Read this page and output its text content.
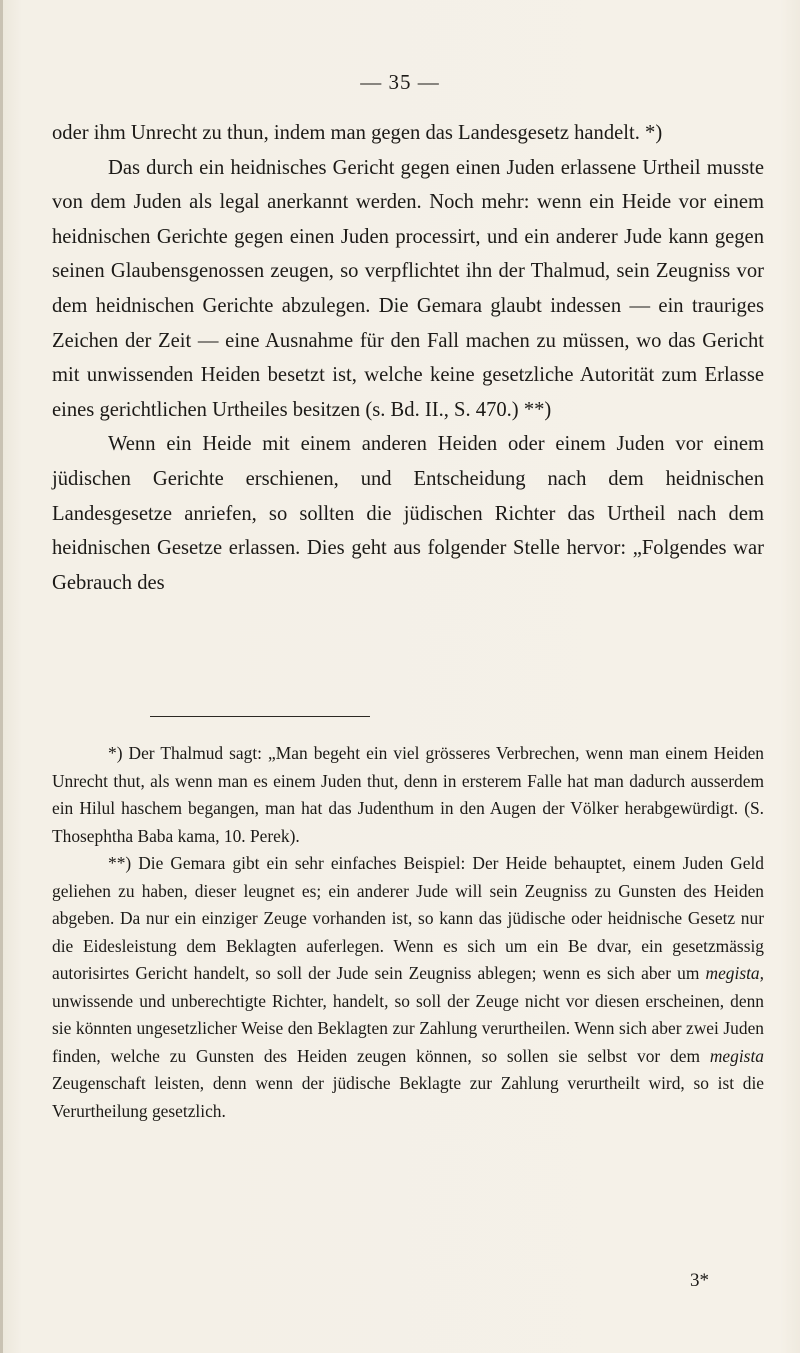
— 35 —

oder ihm Unrecht zu thun, indem man gegen das Landesgesetz handelt. *)

Das durch ein heidnisches Gericht gegen einen Juden erlassene Urtheil musste von dem Juden als legal anerkannt werden. Noch mehr: wenn ein Heide vor einem heidnischen Gerichte gegen einen Juden processirt, und ein anderer Jude kann gegen seinen Glaubensgenossen zeugen, so verpflichtet ihn der Thalmud, sein Zeugniss vor dem heidnischen Gerichte abzulegen. Die Gemara glaubt indessen — ein trauriges Zeichen der Zeit — eine Ausnahme für den Fall machen zu müssen, wo das Gericht mit unwissenden Heiden besetzt ist, welche keine gesetzliche Autorität zum Erlasse eines gerichtlichen Urtheiles besitzen (s. Bd. II., S. 470.) **)

Wenn ein Heide mit einem anderen Heiden oder einem Juden vor einem jüdischen Gerichte erschienen, und Entscheidung nach dem heidnischen Landesgesetze anriefen, so sollten die jüdischen Richter das Urtheil nach dem heidnischen Gesetze erlassen. Dies geht aus folgender Stelle hervor: „Folgendes war Gebrauch des

*) Der Thalmud sagt: „Man begeht ein viel grösseres Verbrechen, wenn man einem Heiden Unrecht thut, als wenn man es einem Juden thut, denn in ersterem Falle hat man dadurch ausserdem ein Hilul haschem begangen, man hat das Judenthum in den Augen der Völker herabgewürdigt. (S. Thosephtha Baba kama, 10. Perek).

**) Die Gemara gibt ein sehr einfaches Beispiel: Der Heide behauptet, einem Juden Geld geliehen zu haben, dieser leugnet es; ein anderer Jude will sein Zeugniss zu Gunsten des Heiden abgeben. Da nur ein einziger Zeuge vorhanden ist, so kann das jüdische oder heidnische Gesetz nur die Eidesleistung dem Beklagten auferlegen. Wenn es sich um ein Be dvar, ein gesetzmässig autorisirtes Gericht handelt, so soll der Jude sein Zeugniss ablegen; wenn es sich aber um megista, unwissende und unberechtigte Richter, handelt, so soll der Zeuge nicht vor diesen erscheinen, denn sie könnten ungesetzlicher Weise den Beklagten zur Zahlung verurtheilen. Wenn sich aber zwei Juden finden, welche zu Gunsten des Heiden zeugen können, so sollen sie selbst vor dem megista Zeugenschaft leisten, denn wenn der jüdische Beklagte zur Zahlung verurtheilt wird, so ist die Verurtheilung gesetzlich.

3*
